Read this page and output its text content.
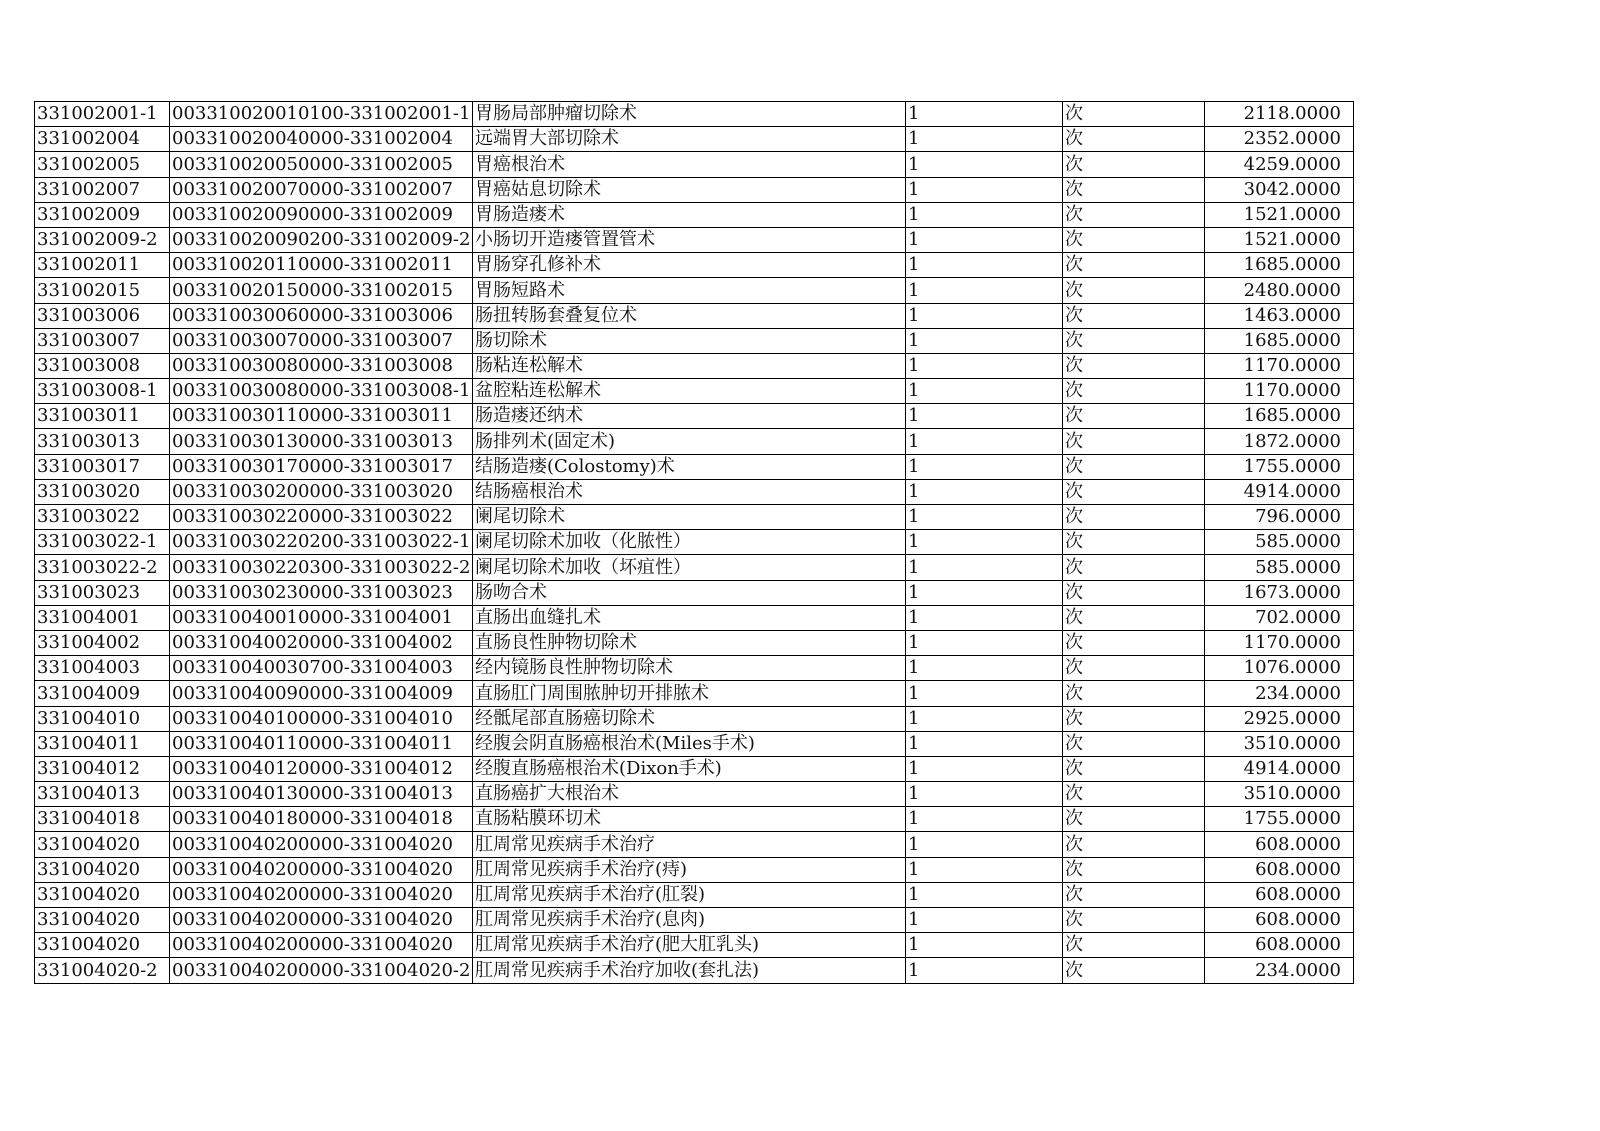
331002001-1	003310020010100-331002001-1	胃肠局部肿瘤切除术	1	次	2118.0000
331002004	003310020040000-331002004	远端胃大部切除术	1	次	2352.0000
331002005	003310020050000-331002005	胃癌根治术	1	次	4259.0000
331002007	003310020070000-331002007	胃癌姑息切除术	1	次	3042.0000
331002009	003310020090000-331002009	胃肠造瘘术	1	次	1521.0000
331002009-2	003310020090200-331002009-2	小肠切开造瘘管置管术	1	次	1521.0000
331002011	003310020110000-331002011	胃肠穿孔修补术	1	次	1685.0000
331002015	003310020150000-331002015	胃肠短路术	1	次	2480.0000
331003006	003310030060000-331003006	肠扭转肠套叠复位术	1	次	1463.0000
331003007	003310030070000-331003007	肠切除术	1	次	1685.0000
331003008	003310030080000-331003008	肠粘连松解术	1	次	1170.0000
331003008-1	003310030080000-331003008-1	盆腔粘连松解术	1	次	1170.0000
331003011	003310030110000-331003011	肠造瘘还纳术	1	次	1685.0000
331003013	003310030130000-331003013	肠排列术(固定术)	1	次	1872.0000
331003017	003310030170000-331003017	结肠造瘘(Colostomy)术	1	次	1755.0000
331003020	003310030200000-331003020	结肠癌根治术	1	次	4914.0000
331003022	003310030220000-331003022	阑尾切除术	1	次	796.0000
331003022-1	003310030220200-331003022-1	阑尾切除术加收（化脓性）	1	次	585.0000
331003022-2	003310030220300-331003022-2	阑尾切除术加收（坏疽性）	1	次	585.0000
331003023	003310030230000-331003023	肠吻合术	1	次	1673.0000
331004001	003310040010000-331004001	直肠出血缝扎术	1	次	702.0000
331004002	003310040020000-331004002	直肠良性肿物切除术	1	次	1170.0000
331004003	003310040030700-331004003	经内镜肠良性肿物切除术	1	次	1076.0000
331004009	003310040090000-331004009	直肠肛门周围脓肿切开排脓术	1	次	234.0000
331004010	003310040100000-331004010	经骶尾部直肠癌切除术	1	次	2925.0000
331004011	003310040110000-331004011	经腹会阴直肠癌根治术(Miles手术)	1	次	3510.0000
331004012	003310040120000-331004012	经腹直肠癌根治术(Dixon手术)	1	次	4914.0000
331004013	003310040130000-331004013	直肠癌扩大根治术	1	次	3510.0000
331004018	003310040180000-331004018	直肠粘膜环切术	1	次	1755.0000
331004020	003310040200000-331004020	肛周常见疾病手术治疗	1	次	608.0000
331004020	003310040200000-331004020	肛周常见疾病手术治疗(痔)	1	次	608.0000
331004020	003310040200000-331004020	肛周常见疾病手术治疗(肛裂)	1	次	608.0000
331004020	003310040200000-331004020	肛周常见疾病手术治疗(息肉)	1	次	608.0000
331004020	003310040200000-331004020	肛周常见疾病手术治疗(肥大肛乳头)	1	次	608.0000
331004020-2	003310040200000-331004020-2	肛周常见疾病手术治疗加收(套扎法)	1	次	234.0000
